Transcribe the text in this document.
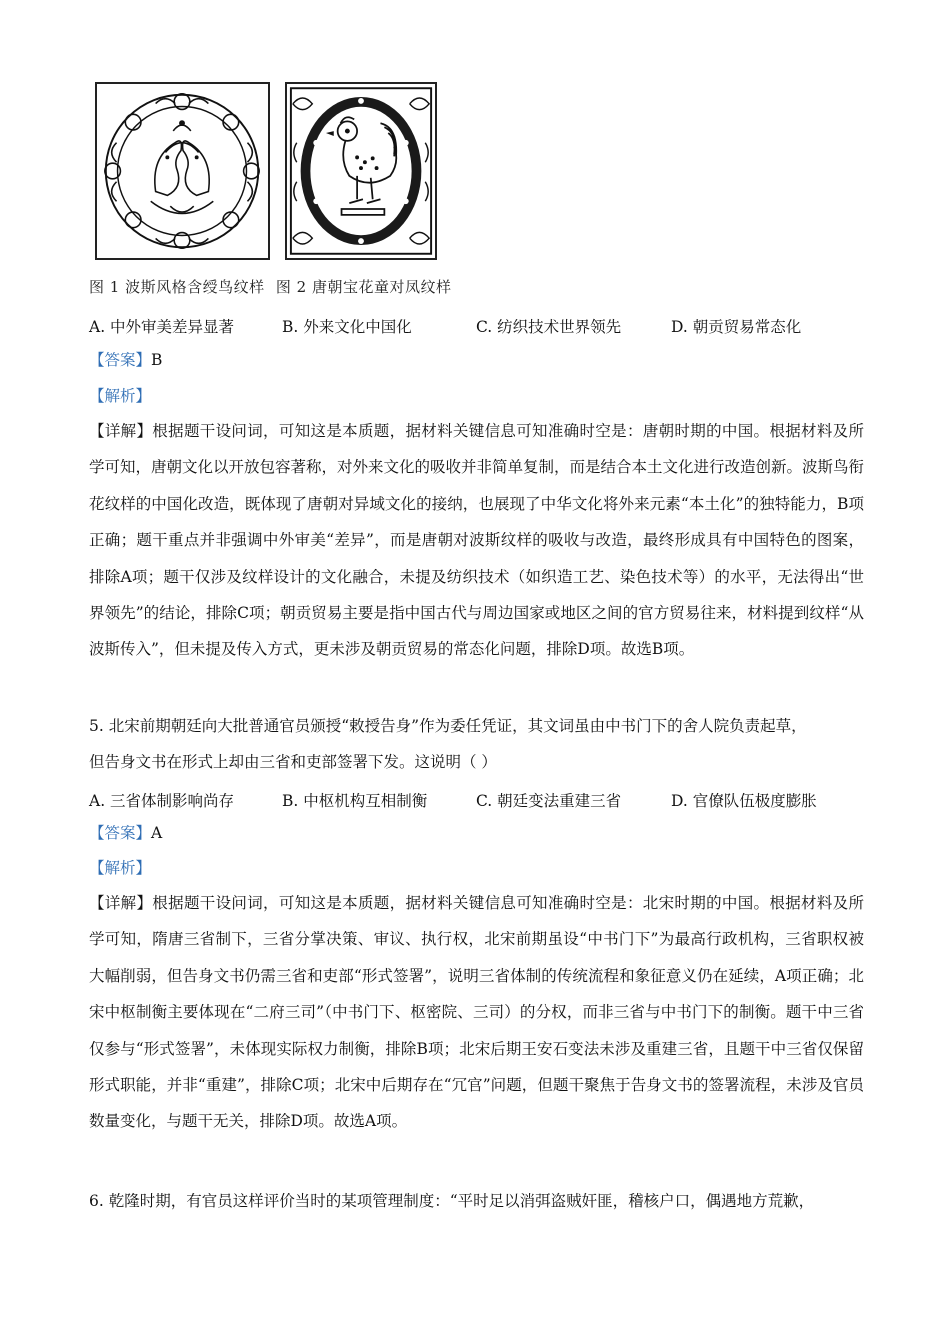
图 1 波斯风格含绶鸟纹样 图 2 唐朝宝花童对凤纹样
A. 中外审美差异显著	B. 外来文化中国化	C. 纺织技术世界领先	D. 朝贡贸易常态化
【答案】B
【解析】
【详解】根据题干设问词，可知这是本质题，据材料关键信息可知准确时空是：唐朝时期的中国。根据材料及所学可知，唐朝文化以开放包容著称，对外来文化的吸收并非简单复制，而是结合本土文化进行改造创新。波斯鸟衔花纹样的中国化改造，既体现了唐朝对异域文化的接纳，也展现了中华文化将外来元素“本土化”的独特能力，B项正确；题干重点并非强调中外审美“差异”，而是唐朝对波斯纹样的吸收与改造，最终形成具有中国特色的图案，排除A项；题干仅涉及纹样设计的文化融合，未提及纺织技术（如织造工艺、染色技术等）的水平，无法得出“世界领先”的结论，排除C项；朝贡贸易主要是指中国古代与周边国家或地区之间的官方贸易往来，材料提到纹样“从波斯传入”，但未提及传入方式，更未涉及朝贡贸易的常态化问题，排除D项。故选B项。
5. 北宋前期朝廷向大批普通官员颁授“敕授告身”作为委任凭证，其文词虽由中书门下的舍人院负责起草，
但告身文书在形式上却由三省和吏部签署下发。这说明（ ）
A. 三省体制影响尚存	B. 中枢机构互相制衡	C. 朝廷变法重建三省	D. 官僚队伍极度膨胀
【答案】A
【解析】
【详解】根据题干设问词，可知这是本质题，据材料关键信息可知准确时空是：北宋时期的中国。根据材料及所学可知，隋唐三省制下，三省分掌决策、审议、执行权，北宋前期虽设“中书门下”为最高行政机构，三省职权被大幅削弱，但告身文书仍需三省和吏部“形式签署”，说明三省体制的传统流程和象征意义仍在延续，A项正确；北宋中枢制衡主要体现在“二府三司”（中书门下、枢密院、三司）的分权，而非三省与中书门下的制衡。题干中三省仅参与“形式签署”，未体现实际权力制衡，排除B项；北宋后期王安石变法未涉及重建三省，且题干中三省仅保留形式职能，并非“重建”，排除C项；北宋中后期存在“冗官”问题，但题干聚焦于告身文书的签署流程，未涉及官员数量变化，与题干无关，排除D项。故选A项。
6. 乾隆时期，有官员这样评价当时的某项管理制度：“平时足以消弭盗贼奸匪，稽核户口，偶遇地方荒歉，
